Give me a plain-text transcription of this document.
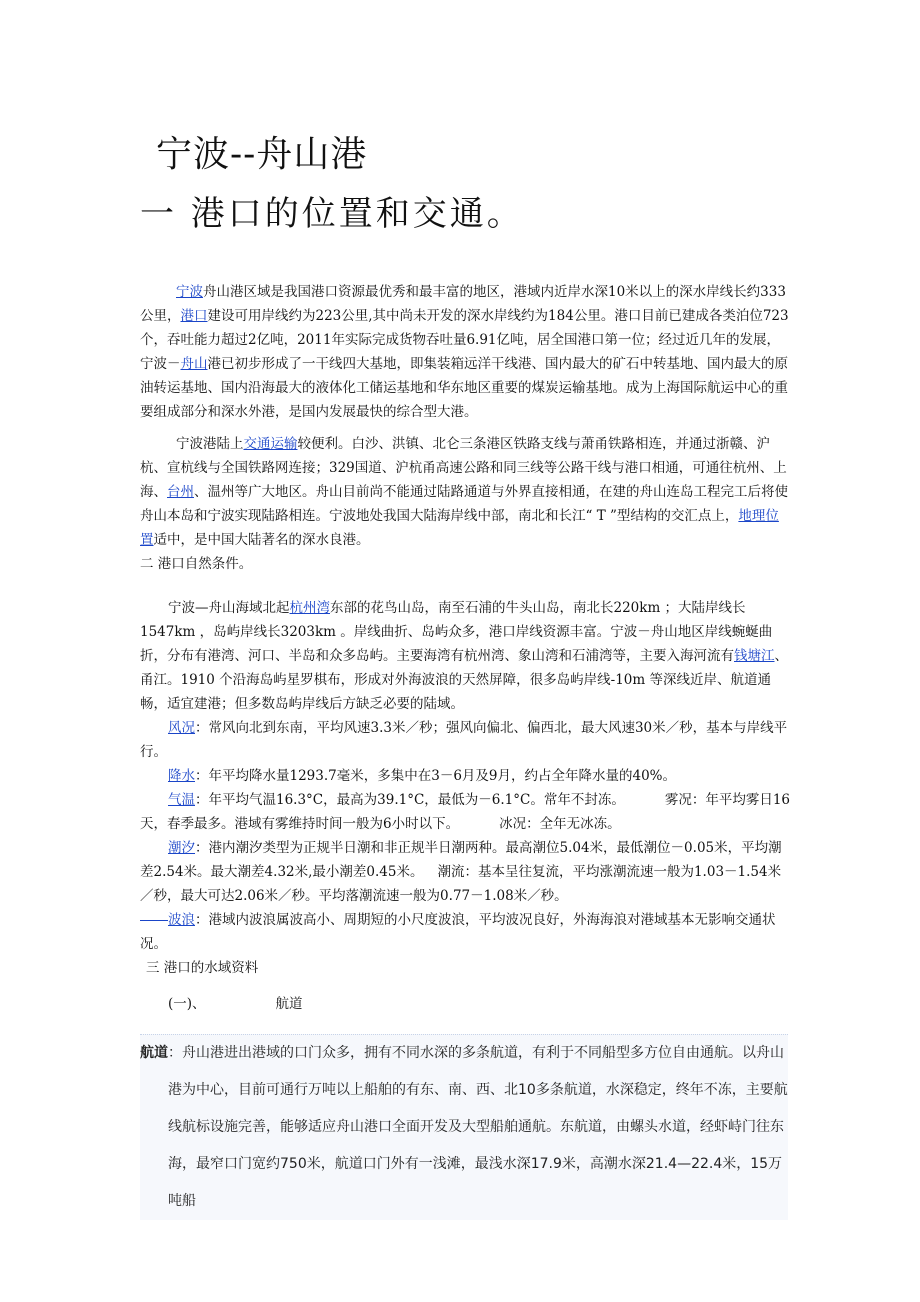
宁波--舟山港
一 港口的位置和交通。

宁波舟山港区域是我国港口资源最优秀和最丰富的地区，港域内近岸水深10米以上的深水岸线长约333公里，港口建设可用岸线约为223公里,其中尚未开发的深水岸线约为184公里。港口目前已建成各类泊位723个，吞吐能力超过2亿吨，2011年实际完成货物吞吐量6.91亿吨，居全国港口第一位；经过近几年的发展，宁波－舟山港已初步形成了一干线四大基地，即集装箱远洋干线港、国内最大的矿石中转基地、国内最大的原油转运基地、国内沿海最大的液体化工储运基地和华东地区重要的煤炭运输基地。成为上海国际航运中心的重要组成部分和深水外港，是国内发展最快的综合型大港。

宁波港陆上交通运输较便利。白沙、洪镇、北仑三条港区铁路支线与萧甬铁路相连，并通过浙赣、沪杭、宣杭线与全国铁路网连接；329国道、沪杭甬高速公路和同三线等公路干线与港口相通，可通往杭州、上海、台州、温州等广大地区。舟山目前尚不能通过陆路通道与外界直接相通，在建的舟山连岛工程完工后将使舟山本岛和宁波实现陆路相连。宁波地处我国大陆海岸线中部，南北和长江“ T ”型结构的交汇点上，地理位置适中，是中国大陆著名的深水良港。

二 港口自然条件。

宁波—舟山海域北起杭州湾东部的花鸟山岛，南至石浦的牛头山岛，南北长220km ；大陆岸线长1547km ，岛屿岸线长3203km 。岸线曲折、岛屿众多，港口岸线资源丰富。宁波－舟山地区岸线蜿蜒曲折，分布有港湾、河口、半岛和众多岛屿。主要海湾有杭州湾、象山湾和石浦湾等，主要入海河流有钱塘江、甬江。1910 个沿海岛屿星罗棋布，形成对外海波浪的天然屏障，很多岛屿岸线-10m 等深线近岸、航道通畅，适宜建港；但多数岛屿岸线后方缺乏必要的陆域。

风况：常风向北到东南，平均风速3.3米／秒；强风向偏北、偏西北，最大风速30米／秒，基本与岸线平行。

降水：年平均降水量1293.7毫米，多集中在3－6月及9月，约占全年降水量的40%。

气温：年平均气温16.3°C，最高为39.1°C，最低为－6.1°C。常年不封冻。	雾况：年平均雾日16天，春季最多。港域有雾维持时间一般为6小时以下。	冰况：全年无冰冻。

潮汐：港内潮汐类型为正规半日潮和非正规半日潮两种。最高潮位5.04米，最低潮位－0.05米，平均潮差2.54米。最大潮差4.32米,最小潮差0.45米。 潮流：基本呈往复流，平均涨潮流速一般为1.03－1.54米／秒，最大可达2.06米／秒。平均落潮流速一般为0.77－1.08米／秒。

波浪：港域内波浪属波高小、周期短的小尺度波浪，平均波况良好，外海海浪对港域基本无影响交通状况。

三 港口的水域资料

(一)、	航道

航道：舟山港进出港域的口门众多，拥有不同水深的多条航道，有利于不同船型多方位自由通航。以舟山港为中心，目前可通行万吨以上船舶的有东、南、西、北10多条航道，水深稳定，终年不冻，主要航线航标设施完善，能够适应舟山港口全面开发及大型船舶通航。东航道，由螺头水道，经虾峙门往东海，最窄口门宽约750米，航道口门外有一浅滩，最浅水深17.9米，高潮水深21.4—22.4米，15万吨船
